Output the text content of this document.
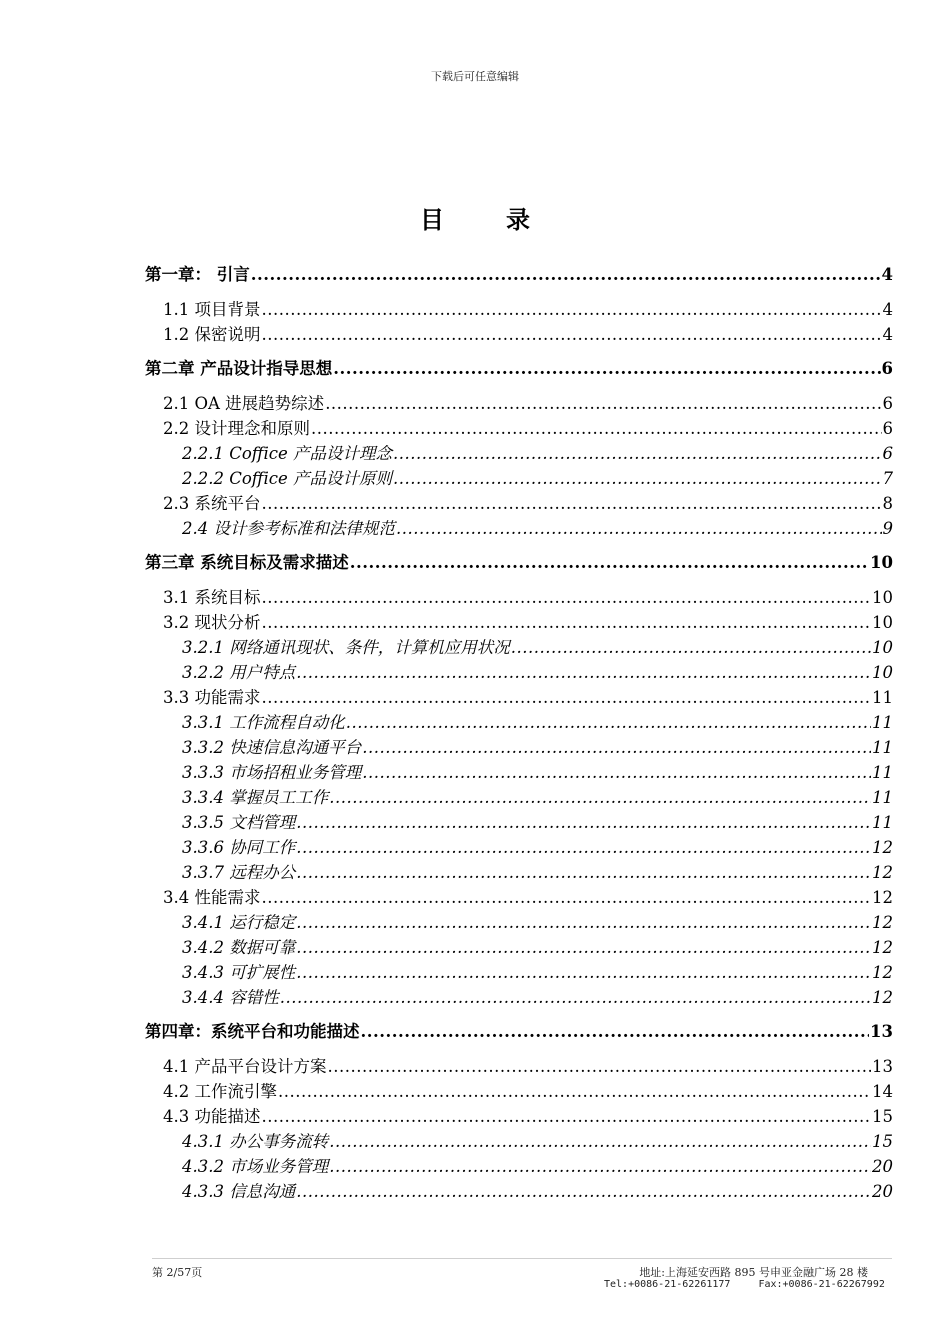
下载后可任意编辑
目录
第一章： 引言 .....	4
1.1 项目背景 .....	4
1.2 保密说明 .....	4
第二章 产品设计指导思想 .....	6
2.1 OA 进展趋势综述 .....	6
2.2 设计理念和原则 .....	6
2.2.1 Coffice 产品设计理念 .....	6
2.2.2 Coffice 产品设计原则 .....	7
2.3 系统平台 .....	8
2.4 设计参考标准和法律规范 .....	9
第三章 系统目标及需求描述 .....	10
3.1 系统目标 .....	10
3.2 现状分析 .....	10
3.2.1 网络通讯现状、条件，计算机应用状况 .....	10
3.2.2 用户特点 .....	10
3.3 功能需求 .....	11
3.3.1 工作流程自动化 .....	11
3.3.2 快速信息沟通平台 .....	11
3.3.3 市场招租业务管理 .....	11
3.3.4 掌握员工工作 .....	11
3.3.5 文档管理 .....	11
3.3.6 协同工作 .....	12
3.3.7 远程办公 .....	12
3.4 性能需求 .....	12
3.4.1 运行稳定 .....	12
3.4.2 数据可靠 .....	12
3.4.3 可扩展性 .....	12
3.4.4 容错性 .....	12
第四章：系统平台和功能描述 .....	13
4.1 产品平台设计方案 .....	13
4.2 工作流引擎 .....	14
4.3 功能描述 .....	15
4.3.1 办公事务流转 .....	15
4.3.2 市场业务管理 .....	20
4.3.3 信息沟通 .....	20
第 2/57页	地址:上海延安西路 895 号申亚金融广场 28 楼
Tel:+0086-21-62261177	Fax:+0086-21-62267992
